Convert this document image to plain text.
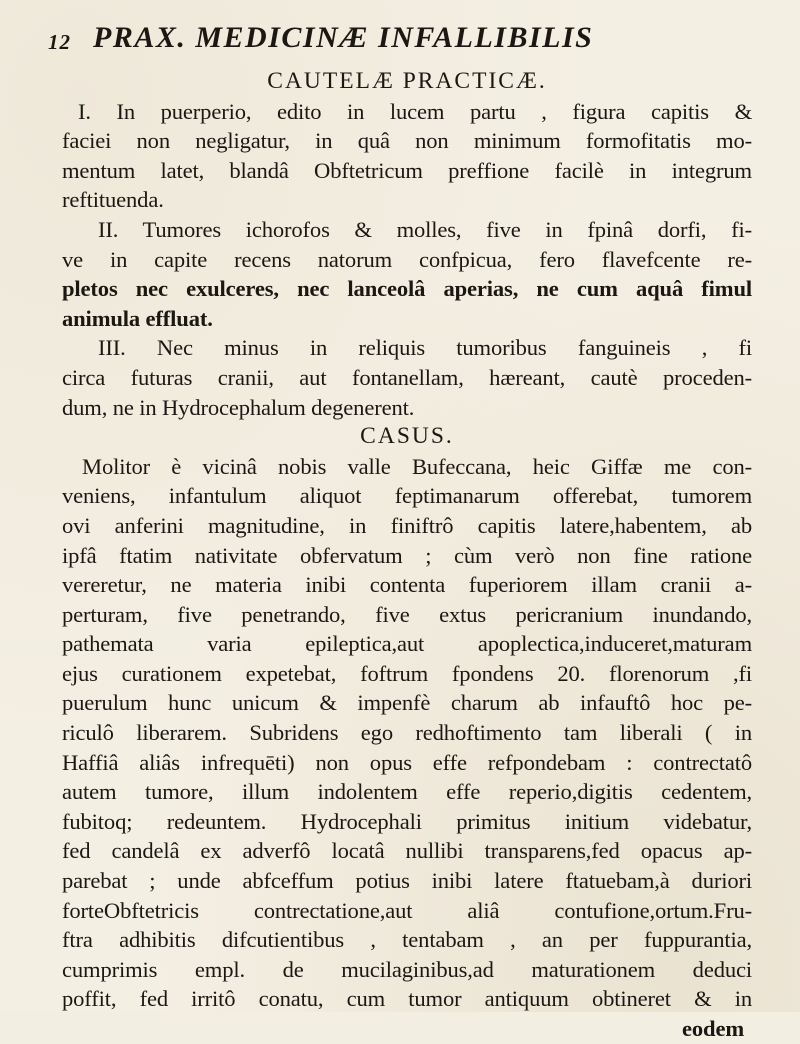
12 PRAX. MEDICINÆ INFALLIBILIS
CAUTELÆ PRACTICÆ.
I. In puerperio, edito in lucem partu , figura capitis &
faciei non negligatur, in quâ non minimum formofitatis mo-
mentum latet, blandâ Obftetricum preffione facilè in integrum
reftituenda.
II. Tumores ichorofos & molles, five in fpinâ dorfi, fi-
ve in capite recens natorum confpicua, fero flavefcente re-
pletos nec exulceres, nec lanceolâ aperias, ne cum aquâ fimul
animula effluat.
III. Nec minus in reliquis tumoribus fanguineis , fi
circa futuras cranii, aut fontanellam, hæreant, cautè proceden-
dum, ne in Hydrocephalum degenerent.
CASUS.
Molitor è vicinâ nobis valle Bufeccana, heic Giffæ me con-
veniens, infantulum aliquot feptimanarum offerebat, tumorem
ovi anferini magnitudine, in finiftrô capitis latere,habentem, ab
ipfâ ftatim nativitate obfervatum ; cùm verò non fine ratione
vereretur, ne materia inibi contenta fuperiorem illam cranii a-
perturam, five penetrando, five extus pericranium inundando,
pathemata varia epileptica,aut apoplectica,induceret,maturam
ejus curationem expetebat, foftrum fpondens 20. florenorum ,fi
puerulum hunc unicum & impenfè charum ab infauftô hoc pe-
riculô liberarem. Subridens ego redhoftimento tam liberali ( in
Haffiâ aliâs infrequēti) non opus effe refpondebam : contrectatô
autem tumore, illum indolentem effe reperio,digitis cedentem,
fubitoq; redeuntem. Hydrocephali primitus initium videbatur,
fed candelâ ex adverfô locatâ nullibi transparens,fed opacus ap-
parebat ; unde abfceffum potius inibi latere ftatuebam,à duriori
forteObftetricis contrectatione,aut aliâ contufione,ortum.Fru-
ftra adhibitis difcutientibus , tentabam , an per fuppurantia,
cumprimis empl. de mucilaginibus,ad maturationem deduci
poffit, fed irritô conatu, cum tumor antiquum obtineret & in
eodem
